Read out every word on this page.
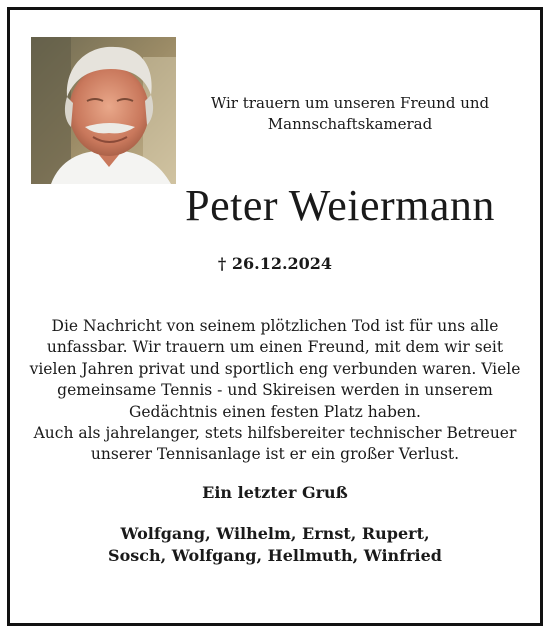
Wir trauern um unseren Freund und
Mannschaftskamerad
Peter Weiermann
† 26.12.2024
Die Nachricht von seinem plötzlichen Tod ist für uns alle
unfassbar. Wir trauern um einen Freund, mit dem wir seit
vielen Jahren privat und sportlich eng verbunden waren. Viele
gemeinsame Tennis - und Skireisen werden in unserem
Gedächtnis einen festen Platz haben.
Auch als jahrelanger, stets hilfsbereiter technischer Betreuer
unserer Tennisanlage ist er ein großer Verlust.
Ein letzter Gruß
Wolfgang, Wilhelm, Ernst, Rupert,
Sosch, Wolfgang, Hellmuth, Winfried
